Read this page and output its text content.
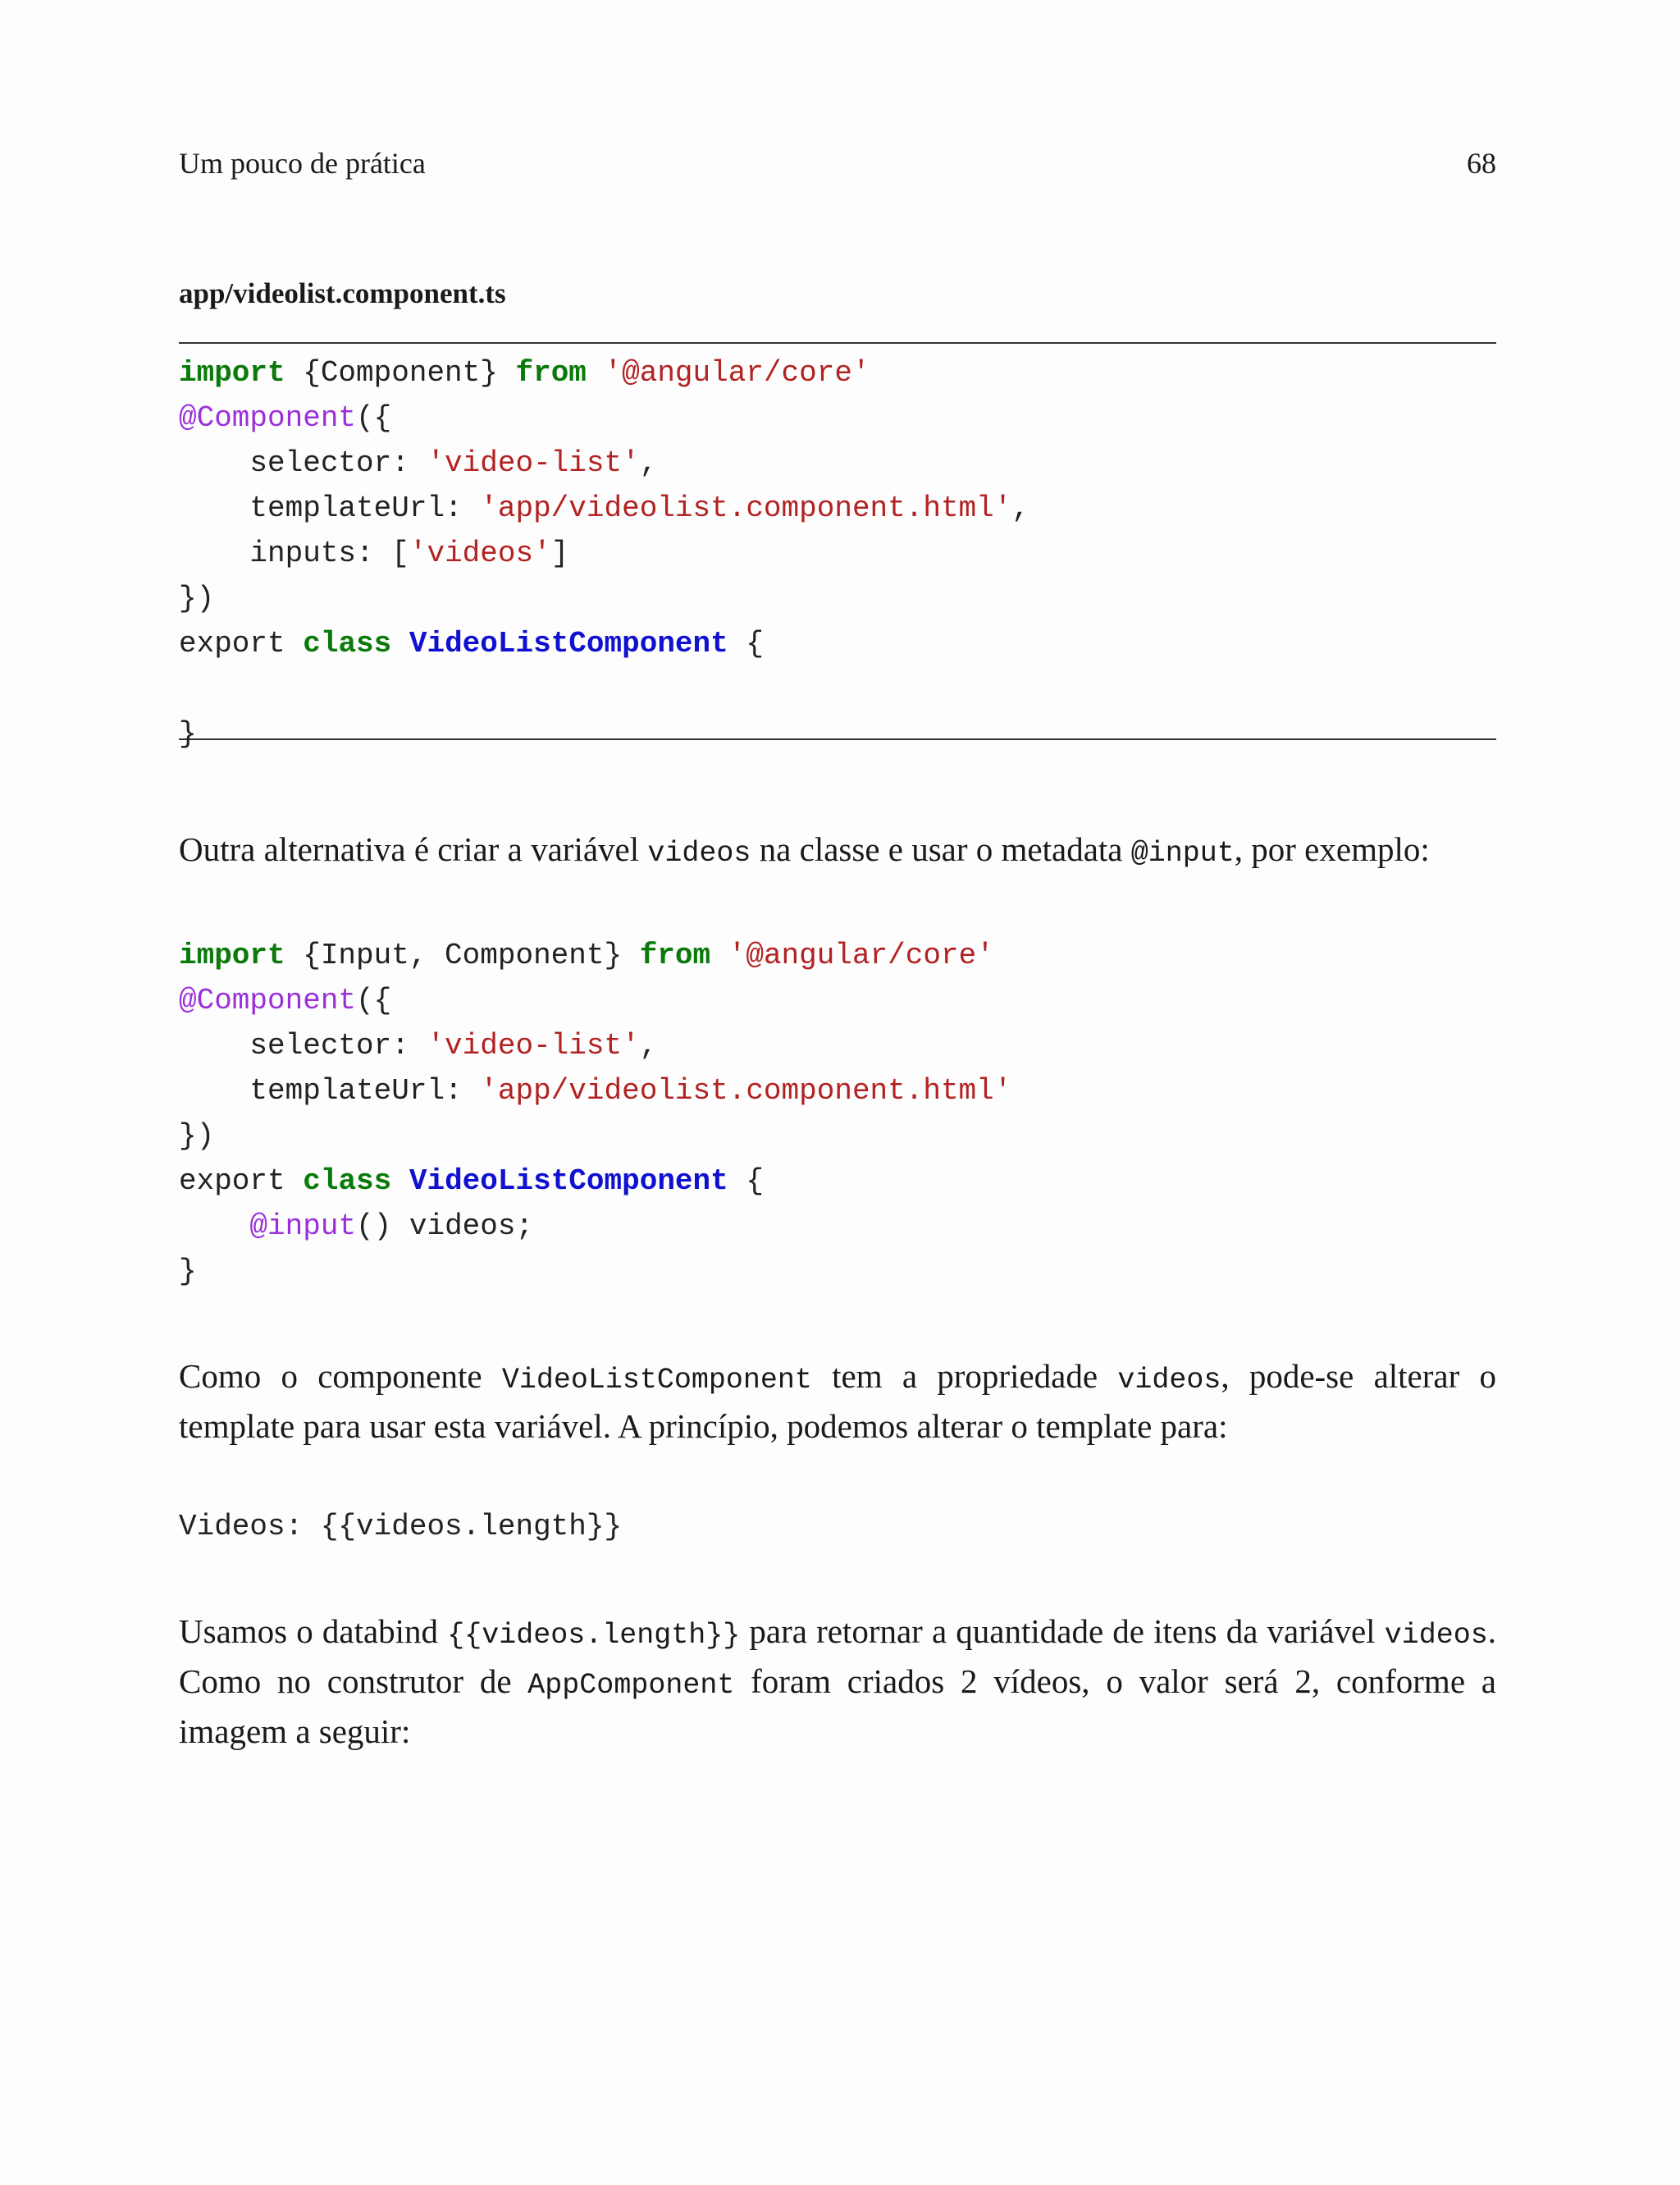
Um pouco de prática	68
app/videolist.component.ts
import {Component} from '@angular/core'
@Component({
selector: 'video-list',
templateUrl: 'app/videolist.component.html',
inputs: ['videos']
})
export class VideoListComponent {

}

Outra alternativa é criar a variável videos na classe e usar o metadata @input, por exemplo:

import {Input, Component} from '@angular/core'
@Component({
selector: 'video-list',
templateUrl: 'app/videolist.component.html'
})
export class VideoListComponent {
@input() videos;
}

Como o componente VideoListComponent tem a propriedade videos, pode-se alterar o template para usar esta variável. A princípio, podemos alterar o template para:

Videos: {{videos.length}}

Usamos o databind {{videos.length}} para retornar a quantidade de itens da variável videos. Como no construtor de AppComponent foram criados 2 vídeos, o valor será 2, conforme a imagem a seguir:
